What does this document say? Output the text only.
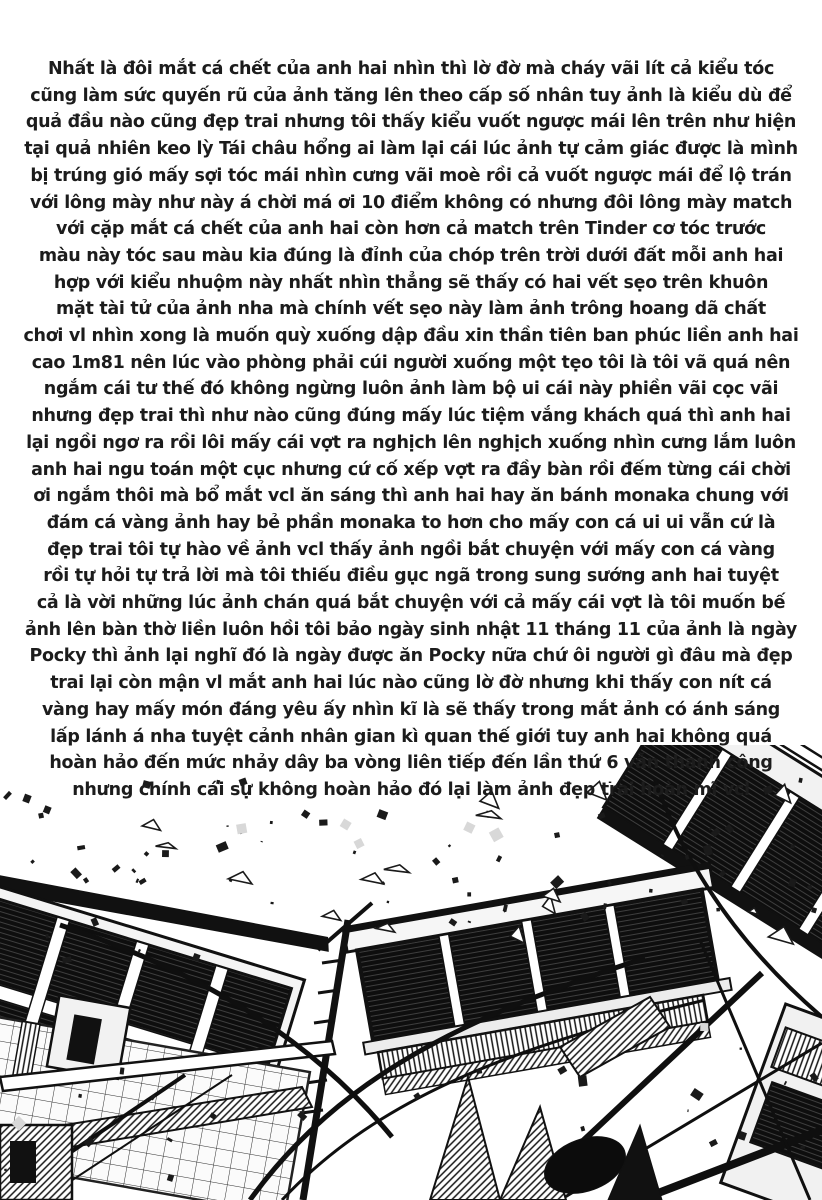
Nhất là đôi mắt cá chết của anh hai nhìn thì lờ đờ mà cháy vãi lít cả kiểu tóc
cũng làm sức quyến rũ của ảnh tăng lên theo cấp số nhân tuy ảnh là kiểu dù để
quả đầu nào cũng đẹp trai nhưng tôi thấy kiểu vuốt ngược mái lên trên như hiện
tại quả nhiên keo lỳ Tái châu hổng ai làm lại cái lúc ảnh tự cảm giác được là mình
bị trúng gió mấy sợi tóc mái nhìn cưng vãi moè rồi cả vuốt ngược mái để lộ trán
với lông mày như này á chời má ơi 10 điểm không có nhưng đôi lông mày match
với cặp mắt cá chết của anh hai còn hơn cả match trên Tinder cơ tóc trước
màu này tóc sau màu kia đúng là đỉnh của chóp trên trời dưới đất mỗi anh hai
hợp với kiểu nhuộm này nhất nhìn thẳng sẽ thấy có hai vết sẹo trên khuôn
mặt tài tử của ảnh nha mà chính vết sẹo này làm ảnh trông hoang dã chất
chơi vl nhìn xong là muốn quỳ xuống dập đầu xin thần tiên ban phúc liền anh hai
cao 1m81 nên lúc vào phòng phải cúi người xuống một tẹo tôi là tôi vã quá nên
ngắm cái tư thế đó không ngừng luôn ảnh làm bộ ui cái này phiền vãi cọc vãi
nhưng đẹp trai thì như nào cũng đúng mấy lúc tiệm vắng khách quá thì anh hai
lại ngồi ngơ ra rồi lôi mấy cái vợt ra nghịch lên nghịch xuống nhìn cưng lắm luôn
anh hai ngu toán một cục nhưng cứ cố xếp vợt ra đầy bàn rồi đếm từng cái chời
ơi ngắm thôi mà bổ mắt vcl ăn sáng thì anh hai hay ăn bánh monaka chung với
đám cá vàng ảnh hay bẻ phần monaka to hơn cho mấy con cá ui ui vẫn cứ là
đẹp trai tôi tự hào về ảnh vcl thấy ảnh ngồi bắt chuyện với mấy con cá vàng
rồi tự hỏi tự trả lời mà tôi thiếu điều gục ngã trong sung sướng anh hai tuyệt
cả là vời những lúc ảnh chán quá bắt chuyện với cả mấy cái vợt là tôi muốn bế
ảnh lên bàn thờ liền luôn hồi tôi bảo ngày sinh nhật 11 tháng 11 của ảnh là ngày
Pocky thì ảnh lại nghĩ đó là ngày được ăn Pocky nữa chứ ôi người gì đâu mà đẹp
trai lại còn mận vl mắt anh hai lúc nào cũng lờ đờ nhưng khi thấy con nít cá
vàng hay mấy món đáng yêu ấy nhìn kĩ là sẽ thấy trong mắt ảnh có ánh sáng
lấp lánh á nha tuyệt cảnh nhân gian kì quan thế giới tuy anh hai không quá
hoàn hảo đến mức nhảy dây ba vòng liên tiếp đến lần thứ 6 vẫn thành công
nhưng chính cái sự không hoàn hảo đó lại làm ảnh đẹp trai hoàn mĩ vcl
